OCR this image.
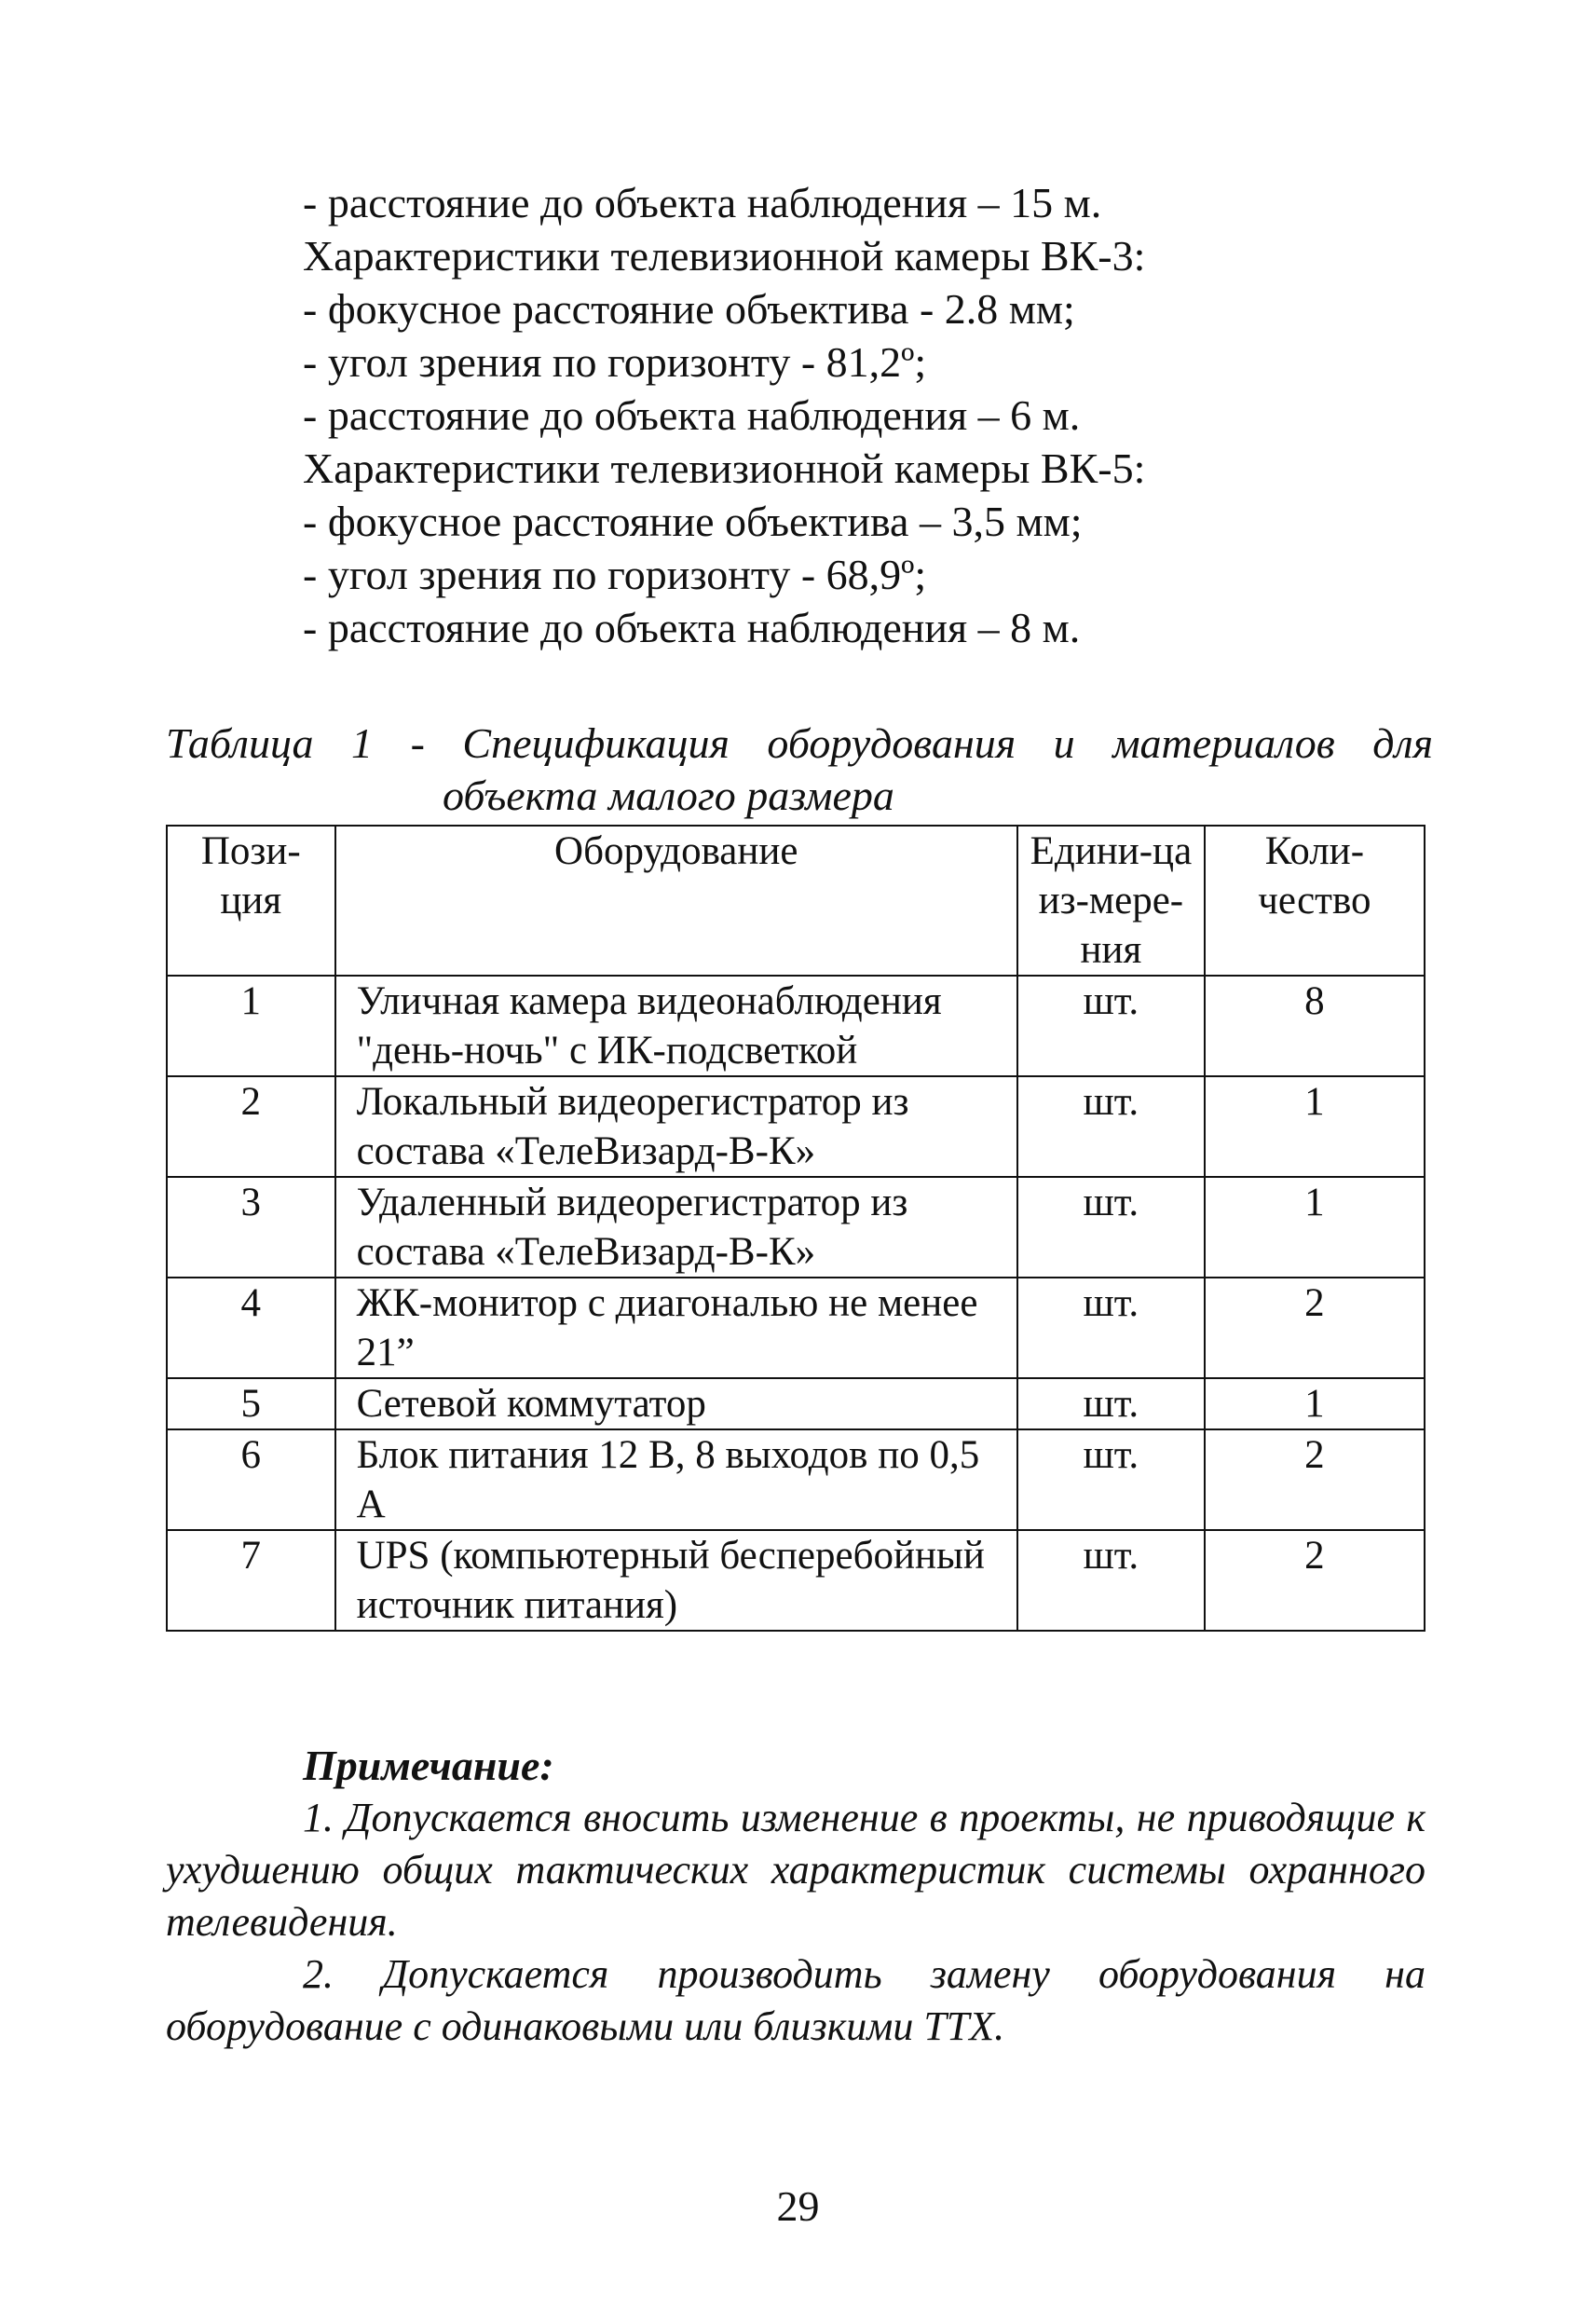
- расстояние до объекта наблюдения – 15 м.
Характеристики телевизионной камеры ВК-3:
- фокусное расстояние объектива - 2.8 мм;
- угол зрения по горизонту - 81,2º;
- расстояние до объекта наблюдения – 6 м.
Характеристики телевизионной камеры ВК-5:
- фокусное расстояние объектива – 3,5 мм;
- угол зрения по горизонту - 68,9º;
- расстояние до объекта наблюдения – 8 м.
Таблица 1 - Спецификация оборудования и материалов для
объекта малого размера
Пози-ция	Оборудование	Едини-ца из-мере-ния	Коли-чество
1	Уличная камера видеонаблюдения "день-ночь" с ИК-подсветкой	шт.	8
2	Локальный видеорегистратор из состава «ТелеВизард-В-К»	шт.	1
3	Удаленный видеорегистратор из состава «ТелеВизард-В-К»	шт.	1
4	ЖК-монитор с диагональю не менее 21”	шт.	2
5	Сетевой коммутатор	шт.	1
6	Блок питания 12 В, 8 выходов по 0,5 А	шт.	2
7	UPS (компьютерный бесперебойный источник питания)	шт.	2
Примечание:
1. Допускается вносить изменение в проекты, не приводящие к ухудшению общих тактических характеристик системы охранного телевидения.
2. Допускается производить замену оборудования на оборудование с одинаковыми или близкими ТТХ.
29
